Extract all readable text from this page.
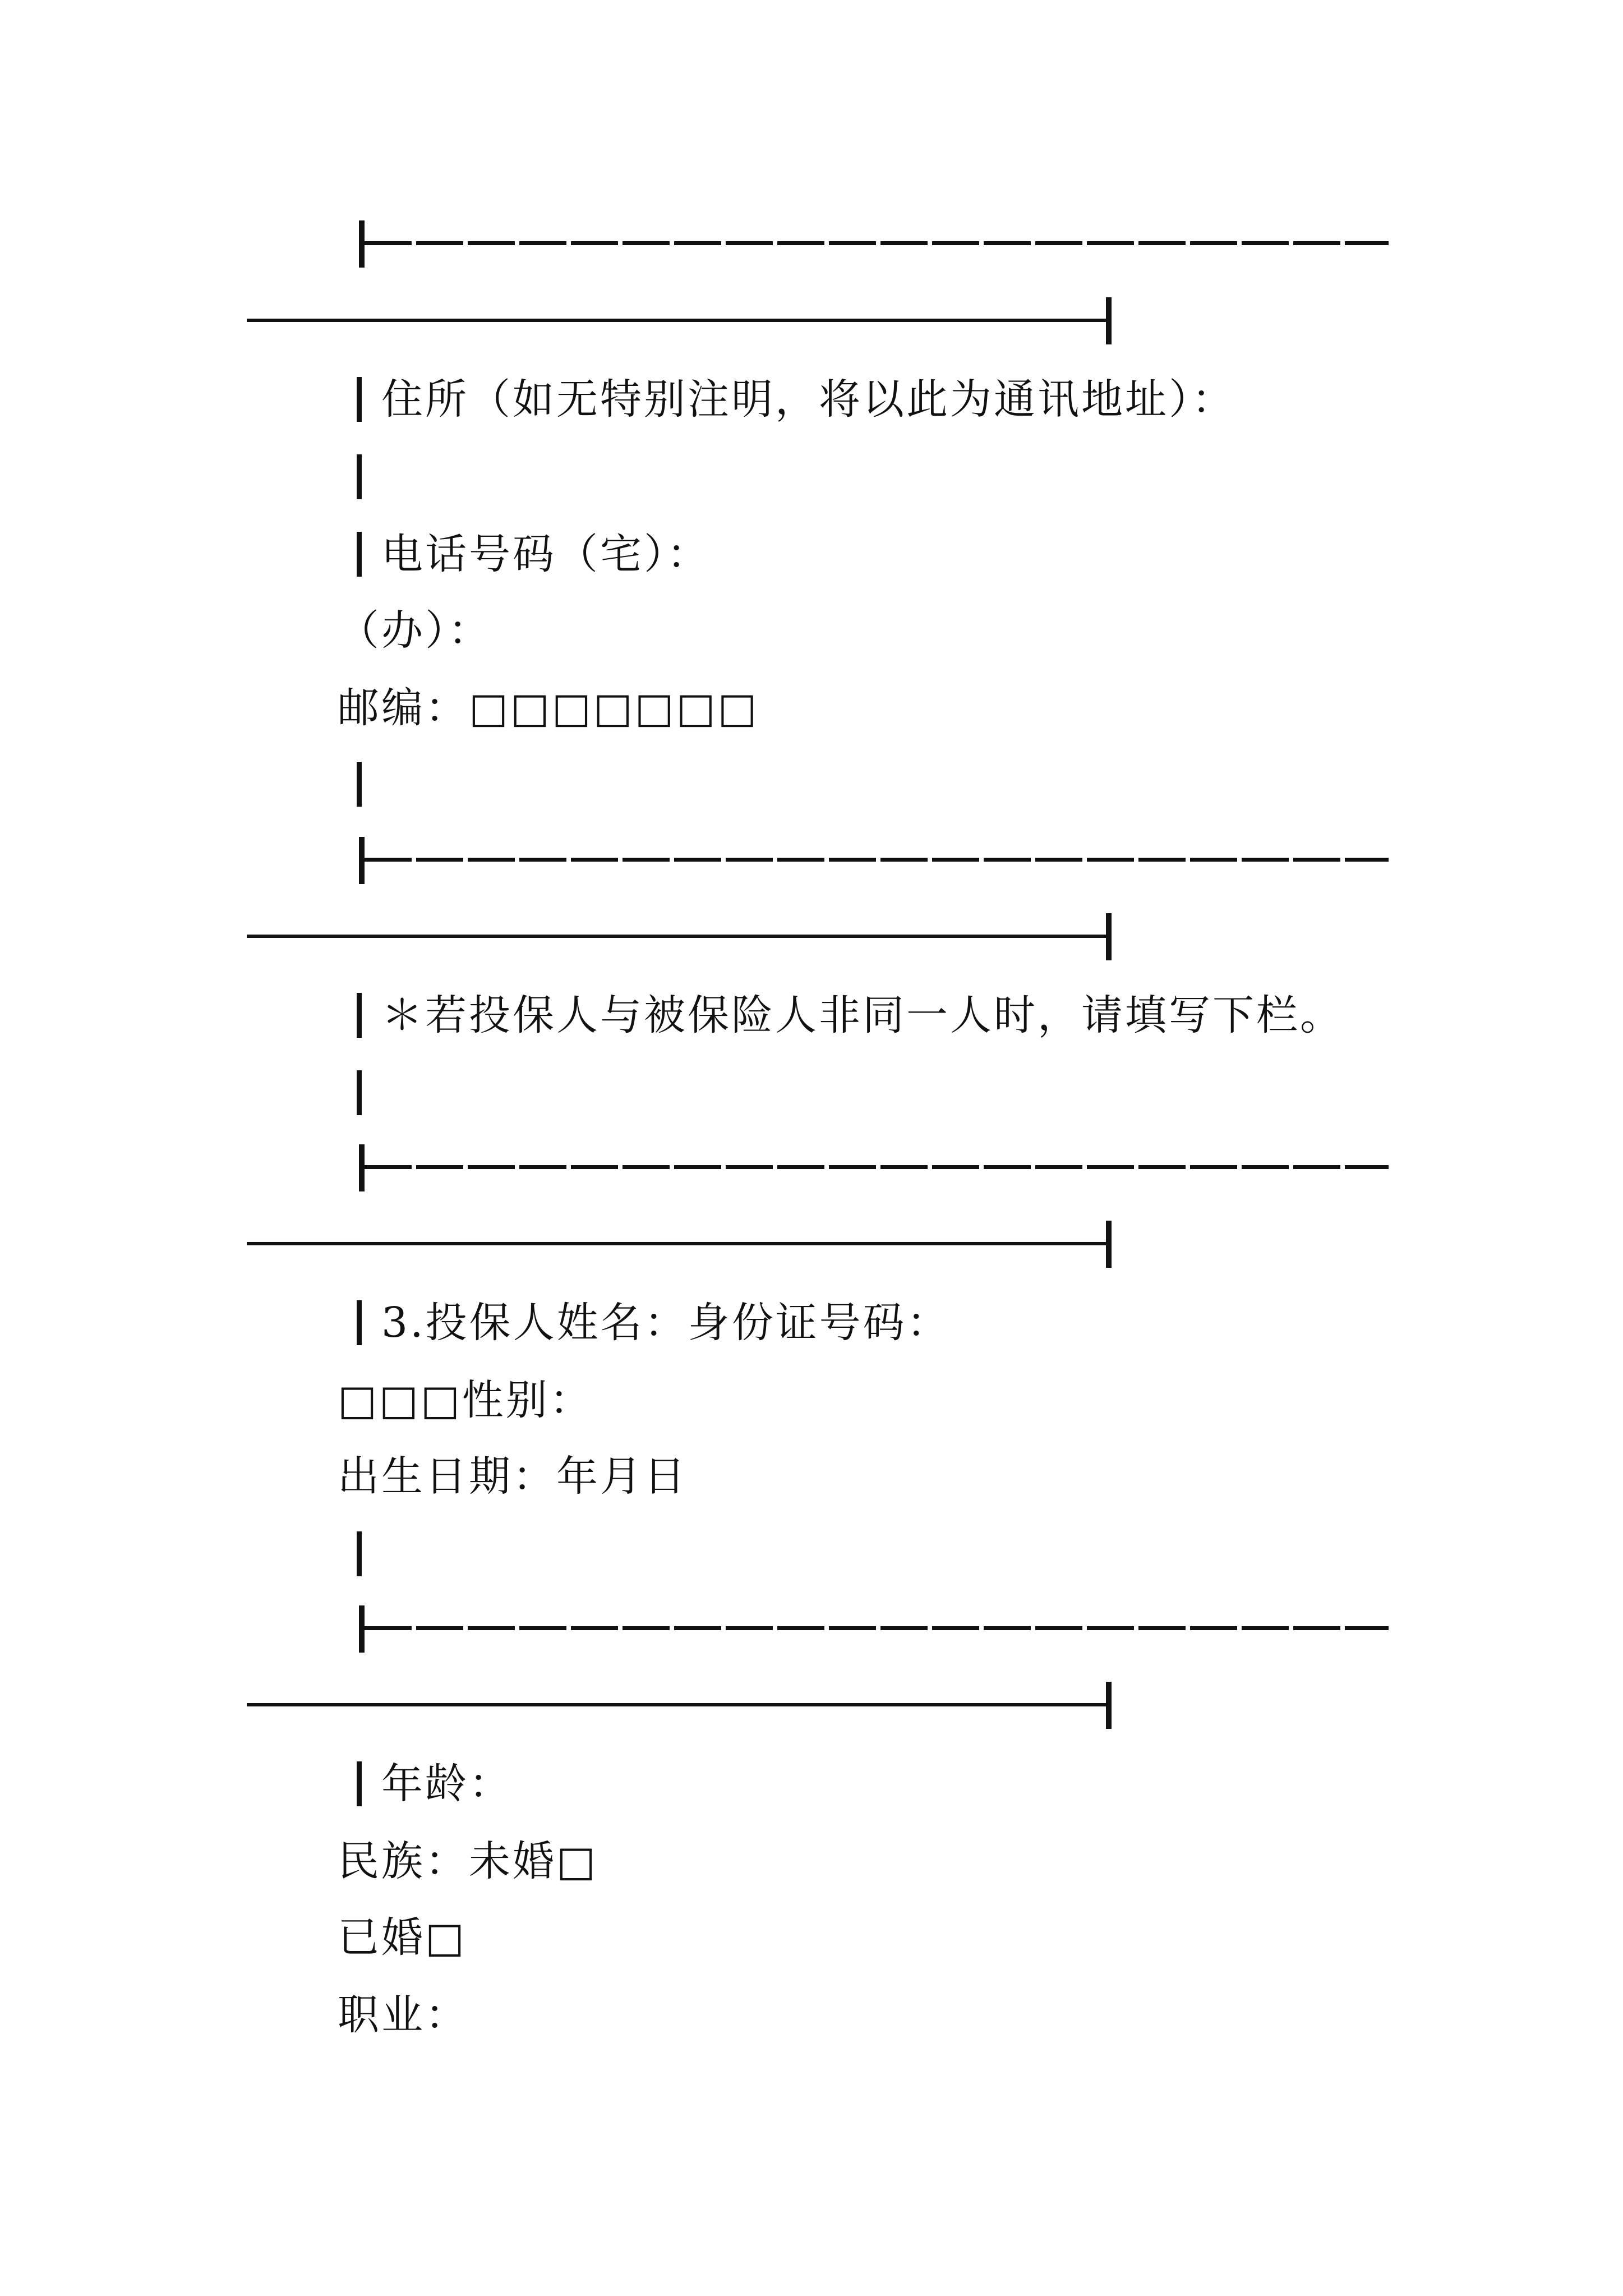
住所（如无特别注明，将以此为通讯地址）：
电话号码（宅）：
（办）：
邮编：□□□□□□□
＊若投保人与被保险人非同一人时，请填写下栏。
3.投保人姓名：身份证号码：
□□□性别：
出生日期：年月日
年龄：
民族：未婚□
已婚□
职业：
